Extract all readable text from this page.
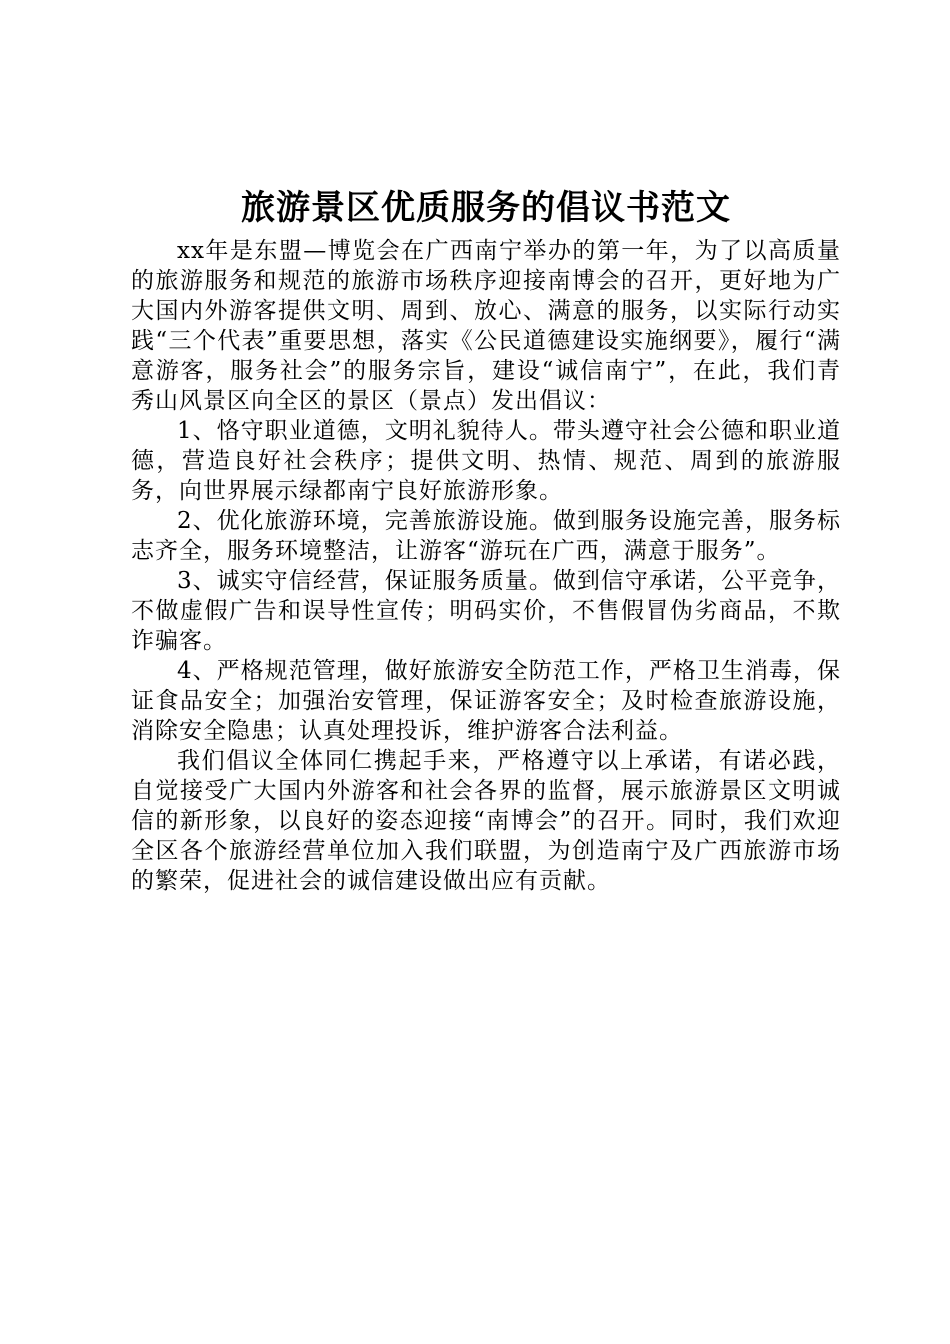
旅游景区优质服务的倡议书范文

xx年是东盟—博览会在广西南宁举办的第一年，为了以高质量的旅游服务和规范的旅游市场秩序迎接南博会的召开，更好地为广大国内外游客提供文明、周到、放心、满意的服务，以实际行动实践“三个代表”重要思想，落实《公民道德建设实施纲要》，履行“满意游客，服务社会”的服务宗旨，建设“诚信南宁”，在此，我们青秀山风景区向全区的景区（景点）发出倡议：

1、恪守职业道德，文明礼貌待人。带头遵守社会公德和职业道德，营造良好社会秩序；提供文明、热情、规范、周到的旅游服务，向世界展示绿都南宁良好旅游形象。

2、优化旅游环境，完善旅游设施。做到服务设施完善，服务标志齐全，服务环境整洁，让游客“游玩在广西，满意于服务”。

3、诚实守信经营，保证服务质量。做到信守承诺，公平竞争，不做虚假广告和误导性宣传；明码实价，不售假冒伪劣商品，不欺诈骗客。

4、严格规范管理，做好旅游安全防范工作，严格卫生消毒，保证食品安全；加强治安管理，保证游客安全；及时检查旅游设施，消除安全隐患；认真处理投诉，维护游客合法利益。

我们倡议全体同仁携起手来，严格遵守以上承诺，有诺必践，自觉接受广大国内外游客和社会各界的监督，展示旅游景区文明诚信的新形象，以良好的姿态迎接“南博会”的召开。同时，我们欢迎全区各个旅游经营单位加入我们联盟，为创造南宁及广西旅游市场的繁荣，促进社会的诚信建设做出应有贡献。
